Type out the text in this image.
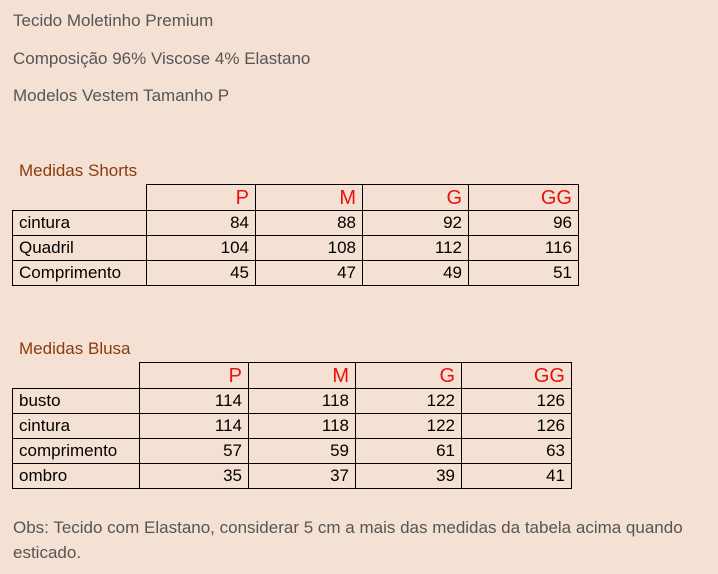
Tecido Moletinho Premium
Composição 96% Viscose 4% Elastano
Modelos Vestem Tamanho P
Medidas Shorts
	P	M	G	GG
cintura	84	88	92	96
Quadril	104	108	112	116
Comprimento	45	47	49	51
Medidas Blusa
	P	M	G	GG
busto	114	118	122	126
cintura	114	118	122	126
comprimento	57	59	61	63
ombro	35	37	39	41
Obs: Tecido com Elastano, considerar 5 cm a mais das medidas da tabela acima quando esticado.
